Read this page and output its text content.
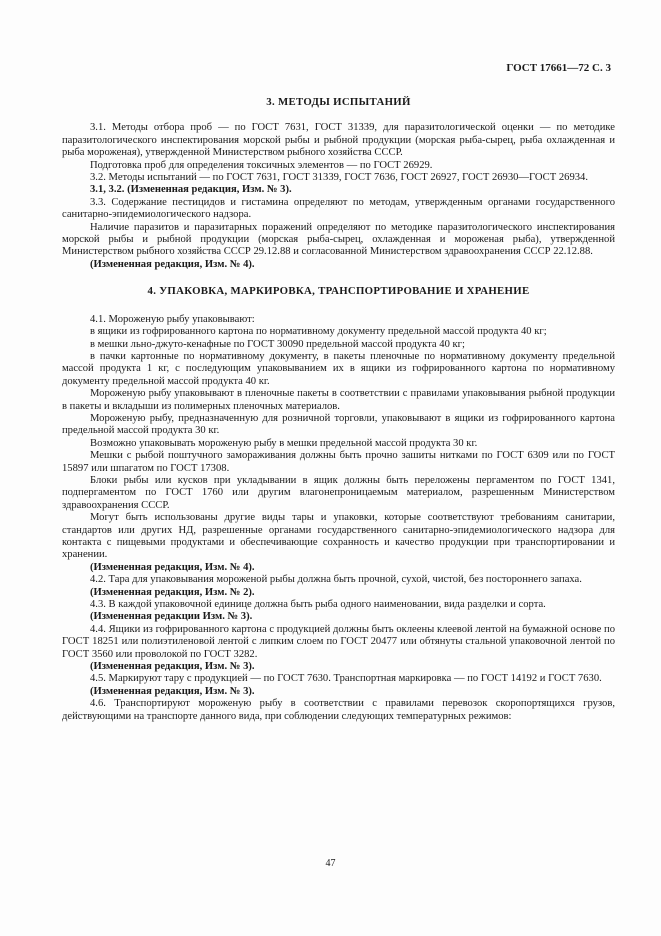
ГОСТ 17661—72 С. 3
3. МЕТОДЫ ИСПЫТАНИЙ

3.1. Методы отбора проб — по ГОСТ 7631, ГОСТ 31339, для паразитологической оценки — по методике паразитологического инспектирования морской рыбы и рыбной продукции (морская рыба-сырец, рыба охлажденная и рыба мороженая), утвержденной Министерством рыбного хозяйства СССР.

Подготовка проб для определения токсичных элементов — по ГОСТ 26929.

3.2. Методы испытаний — по ГОСТ 7631, ГОСТ 31339, ГОСТ 7636, ГОСТ 26927, ГОСТ 26930—ГОСТ 26934.

3.1, 3.2. (Измененная редакция, Изм. № 3).

3.3. Содержание пестицидов и гистамина определяют по методам, утвержденным органами государственного санитарно-эпидемиологического надзора.

Наличие паразитов и паразитарных поражений определяют по методике паразитологического инспектирования морской рыбы и рыбной продукции (морская рыба-сырец, охлажденная и мороженая рыба), утвержденной Министерством рыбного хозяйства СССР 29.12.88 и согласованной Министерством здравоохранения СССР 22.12.88.

(Измененная редакция, Изм. № 4).

4. УПАКОВКА, МАРКИРОВКА, ТРАНСПОРТИРОВАНИЕ И ХРАНЕНИЕ

4.1. Мороженую рыбу упаковывают:

в ящики из гофрированного картона по нормативному документу предельной массой продукта 40 кг;

в мешки льно-джуто-кенафные по ГОСТ 30090 предельной массой продукта 40 кг;

в пачки картонные по нормативному документу, в пакеты пленочные по нормативному документу предельной массой продукта 1 кг, с последующим упаковыванием их в ящики из гофрированного картона по нормативному документу предельной массой продукта 40 кг.

Мороженую рыбу упаковывают в пленочные пакеты в соответствии с правилами упаковывания рыбной продукции в пакеты и вкладыши из полимерных пленочных материалов.

Мороженую рыбу, предназначенную для розничной торговли, упаковывают в ящики из гофрированного картона предельной массой продукта 30 кг.

Возможно упаковывать мороженую рыбу в мешки предельной массой продукта 30 кг.

Мешки с рыбой поштучного замораживания должны быть прочно зашиты нитками по ГОСТ 6309 или по ГОСТ 15897 или шпагатом по ГОСТ 17308.

Блоки рыбы или кусков при укладывании в ящик должны быть переложены пергаментом по ГОСТ 1341, подпергаментом по ГОСТ 1760 или другим влагонепроницаемым материалом, разрешенным Министерством здравоохранения СССР.

Могут быть использованы другие виды тары и упаковки, которые соответствуют требованиям санитарии, стандартов или других НД, разрешенные органами государственного санитарно-эпидемиологического надзора для контакта с пищевыми продуктами и обеспечивающие сохранность и качество продукции при транспортировании и хранении.

(Измененная редакция, Изм. № 4).

4.2. Тара для упаковывания мороженой рыбы должна быть прочной, сухой, чистой, без постороннего запаха.

(Измененная редакция, Изм. № 2).

4.3. В каждой упаковочной единице должна быть рыба одного наименовании, вида разделки и сорта.

(Измененная редакции Изм. № 3).

4.4. Ящики из гофрированного картона с продукцией должны быть оклеены клеевой лентой на бумажной основе по ГОСТ 18251 или полиэтиленовой лентой с липким слоем по ГОСТ 20477 или обтянуты стальной упаковочной лентой по ГОСТ 3560 или проволокой по ГОСТ 3282.

(Измененная редакция, Изм. № 3).

4.5. Маркируют тару с продукцией — по ГОСТ 7630. Транспортная маркировка — по ГОСТ 14192 и ГОСТ 7630.

(Измененная редакция, Изм. № 3).

4.6. Транспортируют мороженую рыбу в соответствии с правилами перевозок скоропортящихся грузов, действующими на транспорте данного вида, при соблюдении следующих температурных режимов:

47
